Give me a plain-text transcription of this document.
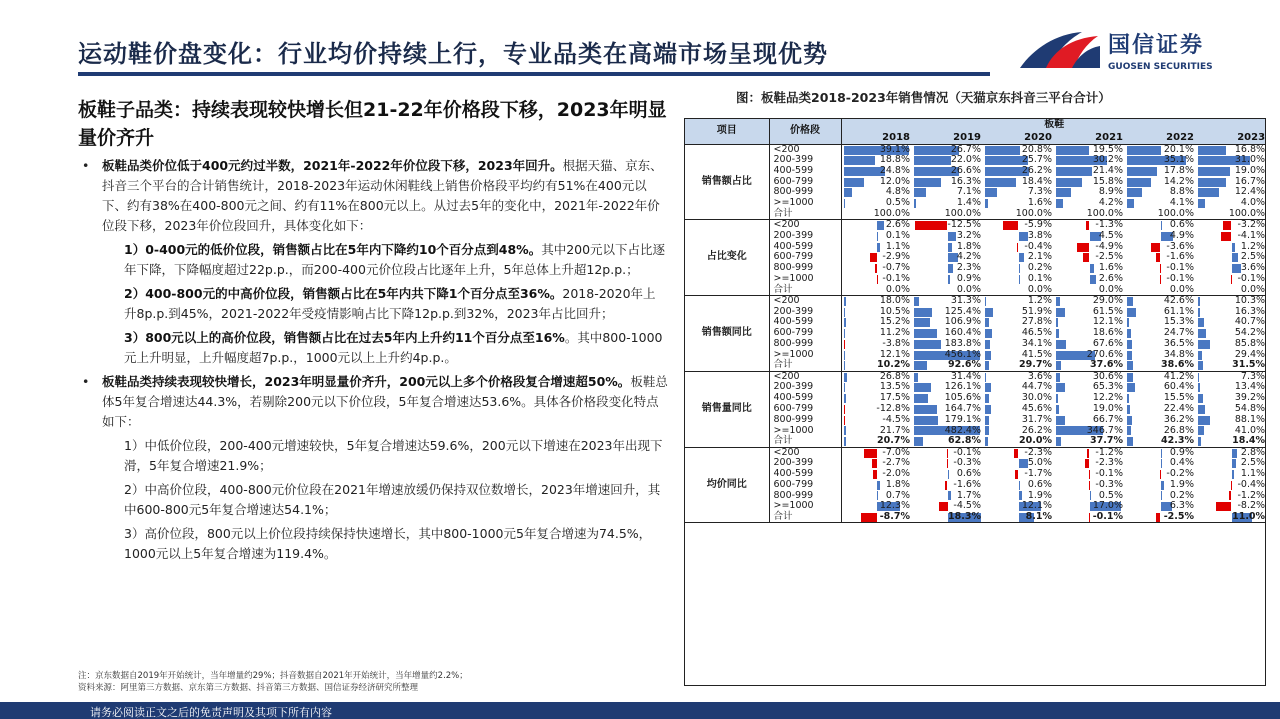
运动鞋价盘变化：行业均价持续上行，专业品类在高端市场呈现优势	国信证券
GUOSEN SECURITIES
板鞋子品类：持续表现较快增长但21-22年价格段下移，2023年明显量价齐升
• 板鞋品类价位低于400元约过半数，2021年-2022年价位段下移，2023年回升。根据天猫、京东、抖音三个平台的合计销售统计，2018-2023年运动休闲鞋线上销售价格段平均约有51%在400元以下、约有38%在400-800元之间、约有11%在800元以上。从过去5年的变化中，2021年-2022年价位段下移，2023年价位段回升，具体变化如下：
1）0-400元的低价位段，销售额占比在5年内下降约10个百分点到48%。其中200元以下占比逐年下降，下降幅度超过22p.p.，而200-400元价位段占比逐年上升，5年总体上升超12p.p.；
2）400-800元的中高价位段，销售额占比在5年内共下降1个百分点至36%。2018-2020年上升8p.p.到45%，2021-2022年受疫情影响占比下降12p.p.到32%，2023年占比回升；
3）800元以上的高价位段，销售额占比在过去5年内上升约11个百分点至16%。其中800-1000元上升明显，上升幅度超7p.p.，1000元以上上升约4p.p.。
• 板鞋品类持续表现较快增长，2023年明显量价齐升，200元以上多个价格段复合增速超50%。板鞋总体5年复合增速达44.3%，若剔除200元以下价位段，5年复合增速达53.6%。具体各价格段变化特点如下：
1）中低价位段，200-400元增速较快，5年复合增速达59.6%，200元以下增速在2023年出现下滑，5年复合增速21.9%；
2）中高价位段，400-800元价位段在2021年增速放缓仍保持双位数增长，2023年增速回升，其中600-800元5年复合增速达54.1%；
3）高价位段，800元以上价位段持续保持快速增长，其中800-1000元5年复合增速为74.5%，1000元以上5年复合增速为119.4%。
注：京东数据自2019年开始统计，当年增量约29%；抖音数据自2021年开始统计，当年增量约2.2%；
资料来源：阿里第三方数据、京东第三方数据、抖音第三方数据、国信证券经济研究所整理
图：板鞋品类2018-2023年销售情况（天猫京东抖音三平台合计）
项目	价格段	板鞋					
		2018	2019	2020	2021	2022	2023
销售额占比	<200	39.1%	26.7%	20.8%	19.5%	20.1%	16.8%
	200-399	18.8%	22.0%	25.7%	30.2%	35.1%	31.0%
	400-599	24.8%	26.6%	26.2%	21.4%	17.8%	19.0%
	600-799	12.0%	16.3%	18.4%	15.8%	14.2%	16.7%
	800-999	4.8%	7.1%	7.3%	8.9%	8.8%	12.4%
	>=1000	0.5%	1.4%	1.6%	4.2%	4.1%	4.0%
	合计	100.0%	100.0%	100.0%	100.0%	100.0%	100.0%
占比变化	<200	2.6%	-12.5%	-5.9%	-1.3%	0.6%	-3.2%
	200-399	0.1%	3.2%	3.8%	4.5%	4.9%	-4.1%
	400-599	1.1%	1.8%	-0.4%	-4.9%	-3.6%	1.2%
	600-799	-2.9%	4.2%	2.1%	-2.5%	-1.6%	2.5%
	800-999	-0.7%	2.3%	0.2%	1.6%	-0.1%	3.6%
	>=1000	-0.1%	0.9%	0.1%	2.6%	-0.1%	-0.1%
	合计	0.0%	0.0%	0.0%	0.0%	0.0%	0.0%
销售额同比	<200	18.0%	31.3%	1.2%	29.0%	42.6%	10.3%
	200-399	10.5%	125.4%	51.9%	61.5%	61.1%	16.3%
	400-599	15.2%	106.9%	27.8%	12.1%	15.3%	40.7%
	600-799	11.2%	160.4%	46.5%	18.6%	24.7%	54.2%
	800-999	-3.8%	183.8%	34.1%	67.6%	36.5%	85.8%
	>=1000	12.1%	456.1%	41.5%	270.6%	34.8%	29.4%
	合计	10.2%	92.6%	29.7%	37.6%	38.6%	31.5%
销售量同比	<200	26.8%	31.4%	3.6%	30.6%	41.2%	7.3%
	200-399	13.5%	126.1%	44.7%	65.3%	60.4%	13.4%
	400-599	17.5%	105.6%	30.0%	12.2%	15.5%	39.2%
	600-799	-12.8%	164.7%	45.6%	19.0%	22.4%	54.8%
	800-999	-4.5%	179.1%	31.7%	66.7%	36.2%	88.1%
	>=1000	21.7%	482.4%	26.2%	346.7%	26.8%	41.0%
	合计	20.7%	62.8%	20.0%	37.7%	42.3%	18.4%
均价同比	<200	-7.0%	-0.1%	-2.3%	-1.2%	0.9%	2.8%
	200-399	-2.7%	-0.3%	5.0%	-2.3%	0.4%	2.5%
	400-599	-2.0%	0.6%	-1.7%	-0.1%	-0.2%	1.1%
	600-799	1.8%	-1.6%	0.6%	-0.3%	1.9%	-0.4%
	800-999	0.7%	1.7%	1.9%	0.5%	0.2%	-1.2%
	>=1000	12.3%	-4.5%	12.1%	17.0%	6.3%	-8.2%
	合计	-8.7%	18.3%	8.1%	-0.1%	-2.5%	11.0%
请务必阅读正文之后的免责声明及其项下所有内容
